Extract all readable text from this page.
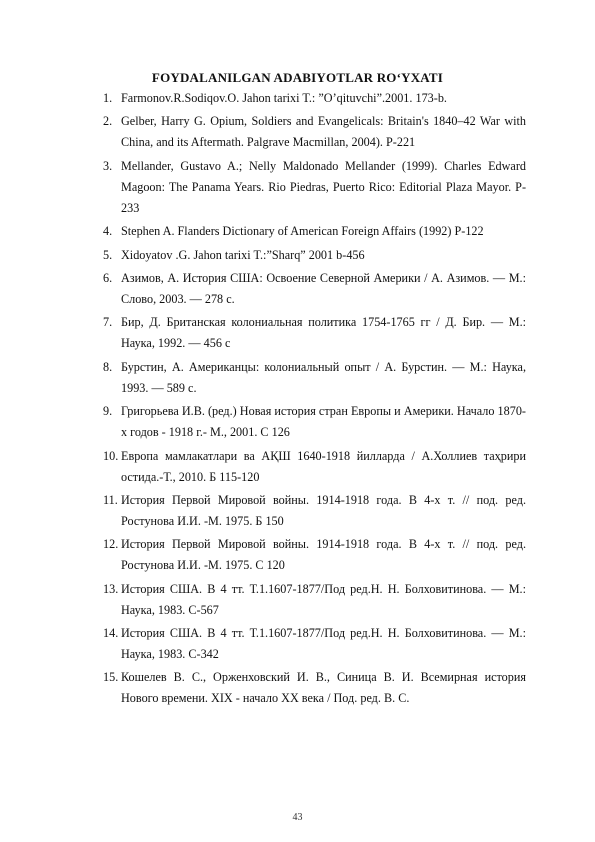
FOYDALANILGAN ADABIYOTLAR RO‘YXATI
1. Farmonov.R.Sodiqov.O. Jahon tarixi T.: ”O’qituvchi”.2001. 173-b.
2. Gelber, Harry G. Opium, Soldiers and Evangelicals: Britain's 1840–42 War with China, and its Aftermath. Palgrave Macmillan, 2004). P-221
3. Mellander, Gustavo A.; Nelly Maldonado Mellander (1999). Charles Edward Magoon: The Panama Years. Rio Piedras, Puerto Rico: Editorial Plaza Mayor. P-233
4. Stephen A. Flanders Dictionary of American Foreign Affairs (1992) P-122
5. Xidoyatov .G. Jahon tarixi T.:”Sharq” 2001 b-456
6. Азимов, А. История США: Освоение Северной Америки / А. Азимов. — М.: Слово, 2003. — 278 с.
7. Бир, Д. Британская колониальная политика 1754-1765 гг / Д. Бир. — М.: Наука, 1992. — 456 с
8. Бурстин, А. Американцы: колониальный опыт / А. Бурстин. — М.: Наука, 1993. — 589 с.
9. Григорьева И.В. (ред.) Новая история стран Европы и Америки. Начало 1870-х годов - 1918 г.- М., 2001. С 126
10. Европа мамлакатлари ва АҚШ 1640-1918 йилларда / А.Холлиев таҳрири остида.-Т., 2010. Б 115-120
11. История Первой Мировой войны. 1914-1918 года. В 4-х т. // под. ред. Ростунова И.И. -М. 1975. Б 150
12. История Первой Мировой войны. 1914-1918 года. В 4-х т. // под. ред. Ростунова И.И. -М. 1975. С 120
13. История США. В 4 тт. Т.1.1607-1877/Под ред.Н. Н. Болховитинова. — М.: Наука, 1983. С-567
14. История США. В 4 тт. Т.1.1607-1877/Под ред.Н. Н. Болховитинова. — М.: Наука, 1983. С-342
15. Кошелев В. С., Орженховский И. В., Синица В. И. Всемирная история Нового времени. XIX - начало XX века / Под. ред. В. С.
43
